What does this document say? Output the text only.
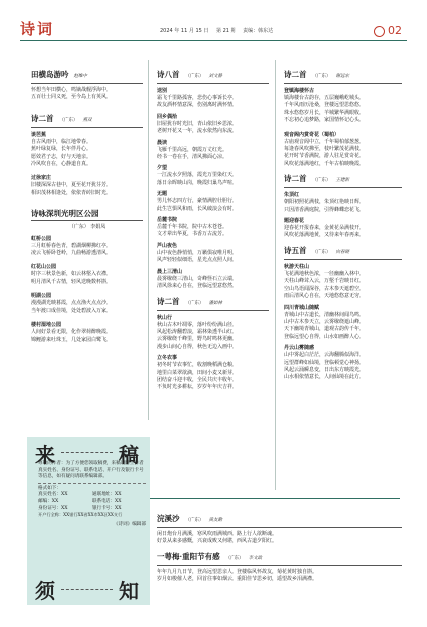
诗词	2024 年 11 月 15 日 第 21 期 责编：韩东达	02
田横岛游吟 赵维中
怀想当年田横心，鸣镝战舰浮海中。
五百壮士同义死，至今岛上有英风。
诗二首 （广东） 燕双
谈芭蕉
自古风雨中，临江地带春。
蕉叶绿复绿，长年伴丹心。
愿效君子志，好与天地亲。
冷风吹自在，心静道自真。
过徐家庄
旧楼深深古巷中，夏至花开犹芬芳。
相识茂林相逢处，依依青砖旧时光。
诗咏深圳光明区公园
（广东） 李娟凤
虹桥公园
三月虹桥春色青，碧湖烟柳拂红亭。
凌云飞桥卧苍岭，九曲畅游透清风。
红花山公园
时序三秋景色新，如云林壑入衣襟。
明月清风千古情，轻风送晚数杯斟。
明湖公园
漫漫湖光映暮霞，点点渔火点点沙。
当年渡口成佳境，处处碧波入万家。
楼村湿地公园
人间好景看无限，化作翠荷醉晚霞。
锦鲤游来吐珠玉，几处家园白鹭飞。
诗八首 （广东） 刘文静
送别
霜飞千里路孤客，悲伤心事诉长亭。
故友酒杯情意深，伤别离时满怀情。
回乡偶拾
旧屋犹存时光旧，青山依旧乡思浓。
老树开花又一年，流水依然向东流。
晨读
飞雁千里高远，朝霞万丈红光。
经书一卷在手，清风拂面心凉。
夕望
一江流水夕照落，霞光万里染红天。
落日余晖映山岗，晚霞归巢鸟声喧。
无题
男儿怀志四方行，豪情满腔壮胆行。
此生岂惧风和雨，长风破浪会有时。
岳麓书院
岳麓千年书院，院中古木苍苍。
文才辈出华夏，书香万古流芳。
芦山夜色
山中夜色静悄悄，万籁俱寂唯月明。
风声轻轻似细语，星光点点照人间。
晨上三清山
晨雾缭绕三清山，奇峰怪石立云端。
清风徐来心自在，登临远望意悠然。
诗二首 （广东） 潘如林
秋山行
秋山古木叶凋零，落叶纷纷满山径。
风起松涛翻碧浪，霜林染透半山红。
云雾缭绕千峰里，野鸟时鸣林更幽。
漫步山间心自得，秋色无边入画中。
立冬农事
初冬时节农事忙，收割晚稻满仓粮。
地里白菜翠欲滴，田间小麦又新芽。
团结奋斗迎丰收，全民共庆丰收年。
不负时光多耕耘，岁岁年年庆吉祥。
诗二首 （广东） 谢远宏
登镇海楼怀古
镇海楼台古韵存，五层巍峨屹城头。
千年风雨历沧桑，登楼远望思悠悠。
珠水悠悠岁月长，羊城繁华满眼收。
不忘初心追梦路，家国情怀记心头。
观音阁内赏奇花（蜀柏）
古庙观音阁中立，千年蜀柏郁葱葱。
每逢春风吹拂至，枝叶繁茂花满枝。
花开时节香满院，游人驻足赏奇花。
风吹花落满地红，千年古柏映晚霞。
诗二首 （广东） 王建新
朱顶红
朝阳初照花满枝，朱顶红艳映日辉。
只因清香满庭院，引得蜂蝶恋花飞。
题迎春花
迎春花开报春来，金黄花朵满枝开。
风吹花落满地黄，又待来年春再来。
诗五首 （广东） 向春晓
秋游天柱山
飞花满地秋色浓，一径幽幽入林中。
天柱山峰耸入云，万壑千岩映日红。
空山鸟语闻深谷，古木参天遮碧空。
雨后清风心自在，天地悠悠意无穷。
四川青城山随赋
青城山中古道长，清幽林间闻鸟鸣。
山中古木参天立，云雾缭绕遮山峰。
天下幽境青城山，道观古韵传千年。
登临远望心自得，山水如画醉人心。
丹云山雾随感
山中雾起白茫茫，云海翻腾似海洋。
远望群峰如仙境，登临顿觉心神扬。
风起云涌瞬息变，日出东方映霞光。
山水相依情意长，人间仙境在此方。
来	稿
尊敬的作者：为了方便您领取稿费，来稿请附上作者真实姓名、身份证号、联系电话、开户行及银行卡号等信息，如有疑问请联系编辑部。
格式如下：
真实姓名：XX	通联地址：XX
邮编：XX	联系电话：XX
身份证号：XX	银行卡号：XX
开户行全称：XX银行XX省XX市XX区XX支行
《诗词》编辑部
须	知
浣溪沙 （广东） 黄友勤
闲日炮台月满溪，寒风吹雨满城西。路上行人欲断魂。
好景从来多感慨，兴衰成败又何堪，西风古道夕阳红。
一萼梅·重阳节有感 （广东） 李文政
年年九月九日节，登高远望思亲人。登楼临风怀故友，菊花黄时独自斟。
岁月如梭催人老，回首往事如烟云。重阳佳节思乡切，遥望故乡泪满襟。
